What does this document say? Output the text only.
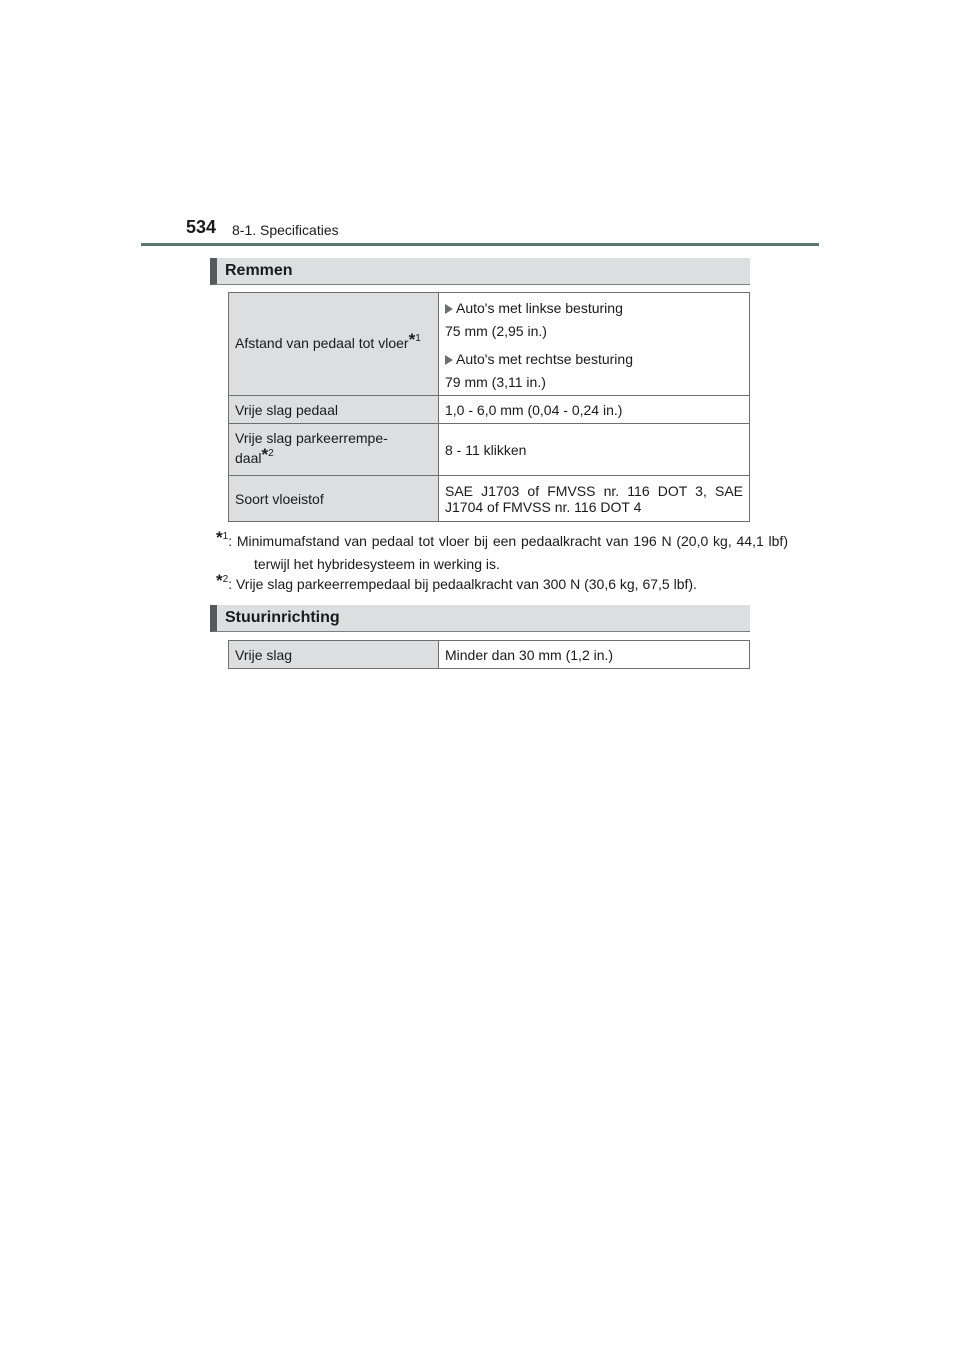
534 8-1. Specificaties
Remmen
Afstand van pedaal tot vloer*$^1$	Auto's met linkse besturing
75 mm (2,95 in.)
Auto's met rechtse besturing
79 mm (3,11 in.)

Vrije slag pedaal	1,0 - 6,0 mm (0,04 - 0,24 in.)
Vrije slag parkeerrempe-
daal*$^2$	8 - 11 klikken
Soort vloeistof	SAE J1703 of FMVSS nr. 116 DOT 3, SAE J1704 of FMVSS nr. 116 DOT 4
*$^1$: Minimumafstand van pedaal tot vloer bij een pedaalkracht van 196 N (20,0 kg, 44,1 lbf) terwijl het hybridesysteem in werking is.
*$^2$: Vrije slag parkeerrempedaal bij pedaalkracht van 300 N (30,6 kg, 67,5 lbf).
Stuurinrichting
Vrije slag	Minder dan 30 mm (1,2 in.)
